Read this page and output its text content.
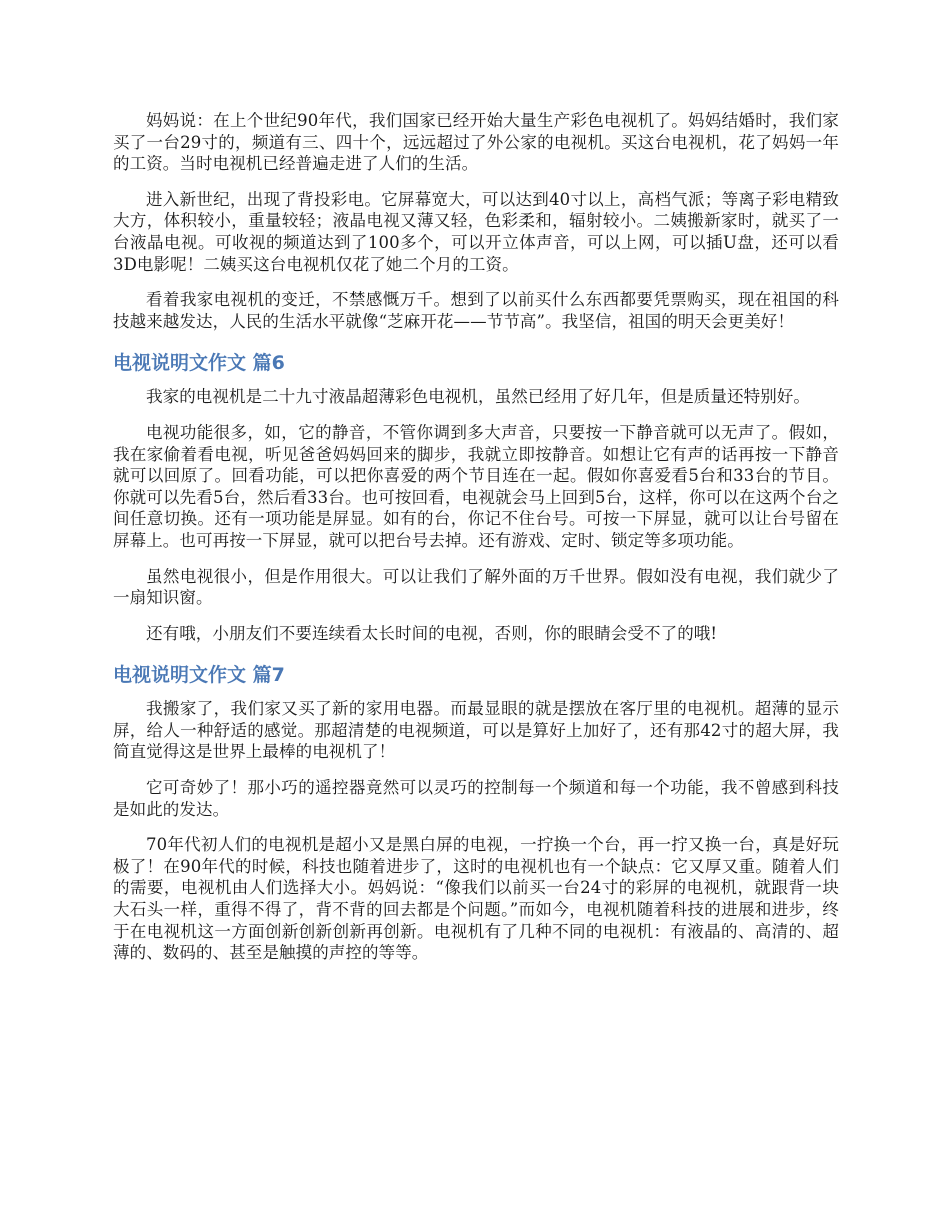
妈妈说：在上个世纪90年代，我们国家已经开始大量生产彩色电视机了。妈妈结婚时，我们家买了一台29寸的，频道有三、四十个，远远超过了外公家的电视机。买这台电视机，花了妈妈一年的工资。当时电视机已经普遍走进了人们的生活。

进入新世纪，出现了背投彩电。它屏幕宽大，可以达到40寸以上，高档气派；等离子彩电精致大方，体积较小，重量较轻；液晶电视又薄又轻，色彩柔和，辐射较小。二姨搬新家时，就买了一台液晶电视。可收视的频道达到了100多个，可以开立体声音，可以上网，可以插U盘，还可以看3D电影呢！二姨买这台电视机仅花了她二个月的工资。

看着我家电视机的变迁，不禁感慨万千。想到了以前买什么东西都要凭票购买，现在祖国的科技越来越发达，人民的生活水平就像“芝麻开花——节节高”。我坚信，祖国的明天会更美好！

电视说明文作文 篇6

我家的电视机是二十九寸液晶超薄彩色电视机，虽然已经用了好几年，但是质量还特别好。

电视功能很多，如，它的静音，不管你调到多大声音，只要按一下静音就可以无声了。假如，我在家偷着看电视，听见爸爸妈妈回来的脚步，我就立即按静音。如想让它有声的话再按一下静音就可以回原了。回看功能，可以把你喜爱的两个节目连在一起。假如你喜爱看5台和33台的节目。你就可以先看5台，然后看33台。也可按回看，电视就会马上回到5台，这样，你可以在这两个台之间任意切换。还有一项功能是屏显。如有的台，你记不住台号。可按一下屏显，就可以让台号留在屏幕上。也可再按一下屏显，就可以把台号去掉。还有游戏、定时、锁定等多项功能。

虽然电视很小，但是作用很大。可以让我们了解外面的万千世界。假如没有电视，我们就少了一扇知识窗。

还有哦，小朋友们不要连续看太长时间的电视，否则，你的眼睛会受不了的哦!

电视说明文作文 篇7

我搬家了，我们家又买了新的家用电器。而最显眼的就是摆放在客厅里的电视机。超薄的显示屏，给人一种舒适的感觉。那超清楚的电视频道，可以是算好上加好了，还有那42寸的超大屏，我简直觉得这是世界上最棒的电视机了！

它可奇妙了！那小巧的遥控器竟然可以灵巧的控制每一个频道和每一个功能，我不曾感到科技是如此的发达。

70年代初人们的电视机是超小又是黑白屏的电视，一拧换一个台，再一拧又换一台，真是好玩极了！在90年代的时候，科技也随着进步了，这时的电视机也有一个缺点：它又厚又重。随着人们的需要，电视机由人们选择大小。妈妈说：“像我们以前买一台24寸的彩屏的电视机，就跟背一块大石头一样，重得不得了，背不背的回去都是个问题。”而如今，电视机随着科技的进展和进步，终于在电视机这一方面创新创新创新再创新。电视机有了几种不同的电视机：有液晶的、高清的、超薄的、数码的、甚至是触摸的声控的等等。
